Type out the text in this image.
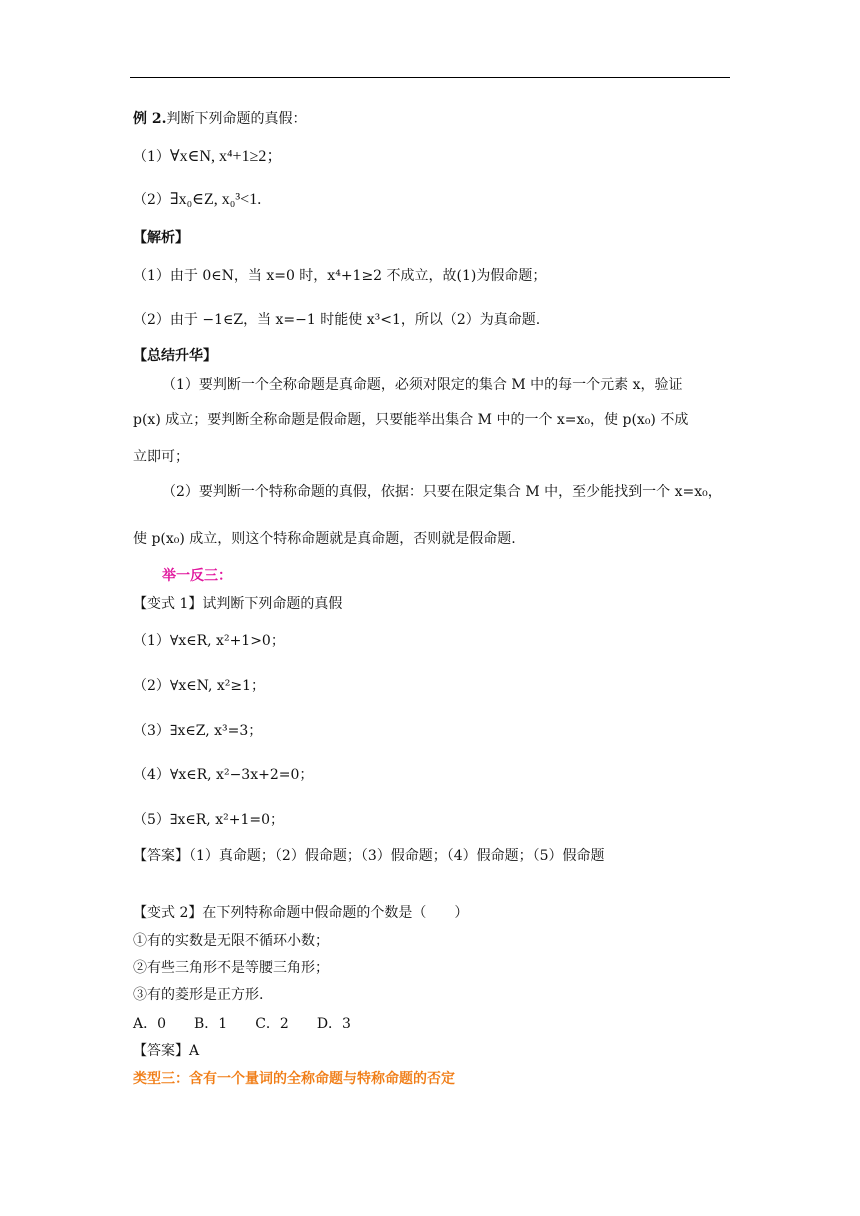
例 2.判断下列命题的真假：
（1）∀x∈N, x⁴+1≥2；
（2）∃x₀∈Z, x₀³<1.
【解析】
（1）由于 0∈N，当 x=0 时，x⁴+1≥2 不成立，故(1)为假命题；
（2）由于 −1∈Z，当 x=−1 时能使 x³<1，所以（2）为真命题.
【总结升华】
（1）要判断一个全称命题是真命题，必须对限定的集合 M 中的每一个元素 x，验证
p(x) 成立；要判断全称命题是假命题，只要能举出集合 M 中的一个 x=x₀，使 p(x₀) 不成
立即可；
（2）要判断一个特称命题的真假，依据：只要在限定集合 M 中，至少能找到一个 x=x₀，
使 p(x₀) 成立，则这个特称命题就是真命题，否则就是假命题.
举一反三：
【变式 1】试判断下列命题的真假
（1）∀x∈R, x²+1>0；
（2）∀x∈N, x²≥1；
（3）∃x∈Z, x³=3；
（4）∀x∈R, x²−3x+2=0；
（5）∃x∈R, x²+1=0；
【答案】（1）真命题；（2）假命题；（3）假命题；（4）假命题；（5）假命题
【变式 2】在下列特称命题中假命题的个数是（　　）
①有的实数是无限不循环小数；
②有些三角形不是等腰三角形；
③有的菱形是正方形.
A．0　　B．1　　C．2　　D．3
【答案】A
类型三：含有一个量词的全称命题与特称命题的否定
